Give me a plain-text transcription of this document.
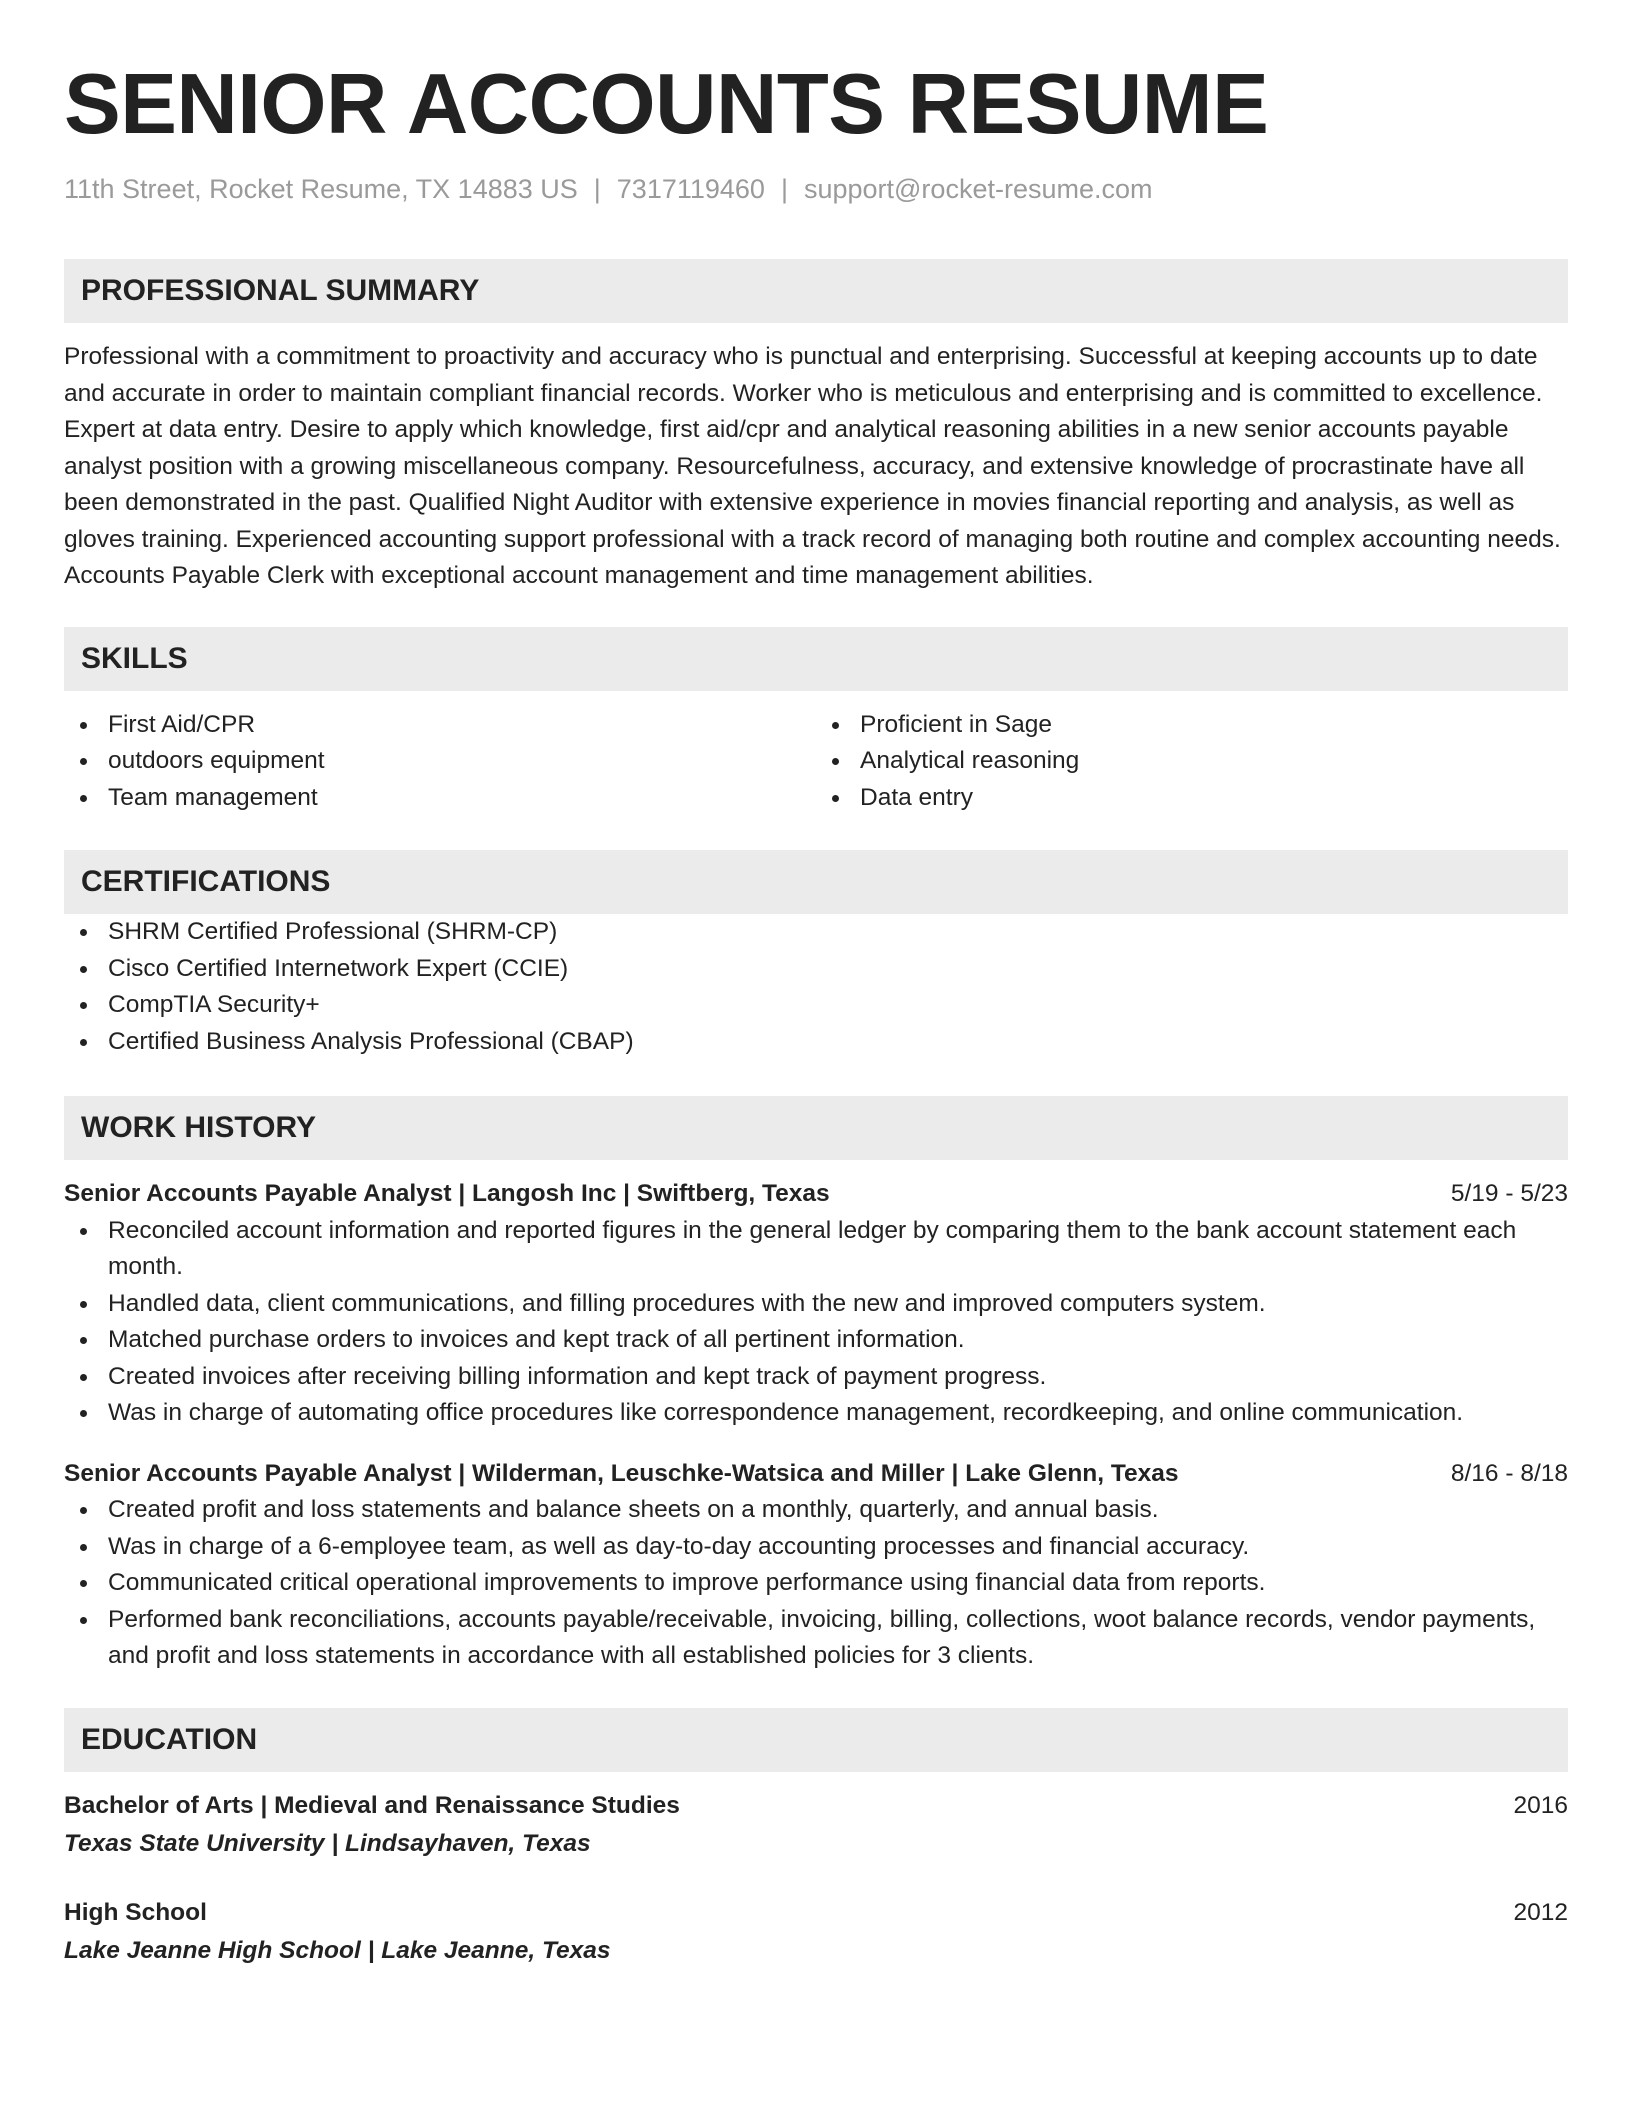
SENIOR ACCOUNTS RESUME
11th Street, Rocket Resume, TX 14883 US | 7317119460 | support@rocket-resume.com
PROFESSIONAL SUMMARY
Professional with a commitment to proactivity and accuracy who is punctual and enterprising. Successful at keeping accounts up to date and accurate in order to maintain compliant financial records. Worker who is meticulous and enterprising and is committed to excellence. Expert at data entry. Desire to apply which knowledge, first aid/cpr and analytical reasoning abilities in a new senior accounts payable analyst position with a growing miscellaneous company. Resourcefulness, accuracy, and extensive knowledge of procrastinate have all been demonstrated in the past. Qualified Night Auditor with extensive experience in movies financial reporting and analysis, as well as gloves training. Experienced accounting support professional with a track record of managing both routine and complex accounting needs. Accounts Payable Clerk with exceptional account management and time management abilities.
SKILLS
First Aid/CPR
outdoors equipment
Team management
Proficient in Sage
Analytical reasoning
Data entry
CERTIFICATIONS
SHRM Certified Professional (SHRM-CP)
Cisco Certified Internetwork Expert (CCIE)
CompTIA Security+
Certified Business Analysis Professional (CBAP)
WORK HISTORY
Senior Accounts Payable Analyst | Langosh Inc | Swiftberg, Texas	5/19 - 5/23
Reconciled account information and reported figures in the general ledger by comparing them to the bank account statement each month.
Handled data, client communications, and filling procedures with the new and improved computers system.
Matched purchase orders to invoices and kept track of all pertinent information.
Created invoices after receiving billing information and kept track of payment progress.
Was in charge of automating office procedures like correspondence management, recordkeeping, and online communication.
Senior Accounts Payable Analyst | Wilderman, Leuschke-Watsica and Miller | Lake Glenn, Texas	8/16 - 8/18
Created profit and loss statements and balance sheets on a monthly, quarterly, and annual basis.
Was in charge of a 6-employee team, as well as day-to-day accounting processes and financial accuracy.
Communicated critical operational improvements to improve performance using financial data from reports.
Performed bank reconciliations, accounts payable/receivable, invoicing, billing, collections, woot balance records, vendor payments, and profit and loss statements in accordance with all established policies for 3 clients.
EDUCATION
Bachelor of Arts | Medieval and Renaissance Studies	2016
Texas State University | Lindsayhaven, Texas
High School	2012
Lake Jeanne High School | Lake Jeanne, Texas
